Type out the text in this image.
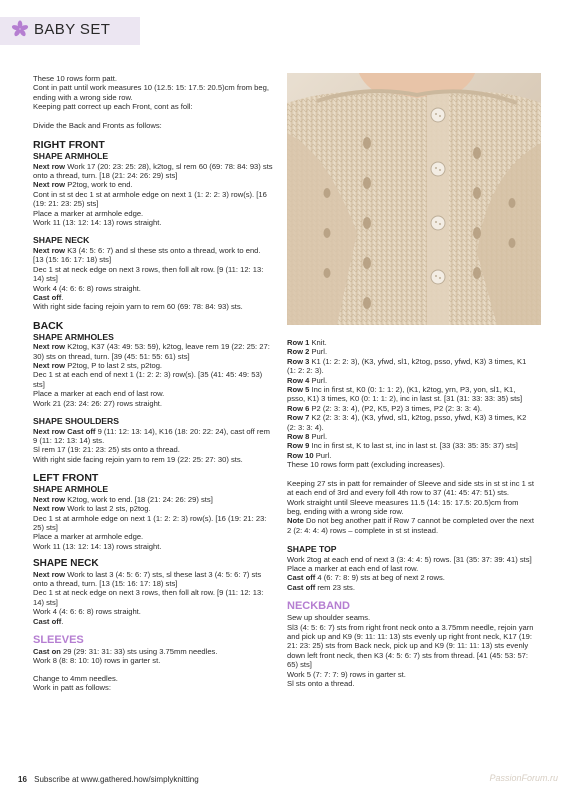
BABY SET
These 10 rows form patt.
Cont in patt until work measures 10 (12.5: 15: 17.5: 20.5)cm from beg, ending with a wrong side row.
Keeping patt correct up each Front, cont as foll:
Divide the Back and Fronts as follows:
RIGHT FRONT
SHAPE ARMHOLE
Next row Work 17 (20: 23: 25: 28), k2tog, sl rem 60 (69: 78: 84: 93) sts onto a thread, turn. [18 (21: 24: 26: 29) sts]
Next row P2tog, work to end.
Cont in st st dec 1 st at armhole edge on next 1 (1: 2: 2: 3) row(s). [16 (19: 21: 23: 25) sts]
Place a marker at armhole edge.
Work 11 (13: 12: 14: 13) rows straight.
SHAPE NECK
Next row K3 (4: 5: 6: 7) and sl these sts onto a thread, work to end. [13 (15: 16: 17: 18) sts]
Dec 1 st at neck edge on next 3 rows, then foll alt row. [9 (11: 12: 13: 14) sts]
Work 4 (4: 6: 6: 8) rows straight.
Cast off.
With right side facing rejoin yarn to rem 60 (69: 78: 84: 93) sts.
BACK
SHAPE ARMHOLES
Next row K2tog, K37 (43: 49: 53: 59), k2tog, leave rem 19 (22: 25: 27: 30) sts on thread, turn. [39 (45: 51: 55: 61) sts]
Next row P2tog, P to last 2 sts, p2tog.
Dec 1 st at each end of next 1 (1: 2: 2: 3) row(s). [35 (41: 45: 49: 53) sts]
Place a marker at each end of last row.
Work 21 (23: 24: 26: 27) rows straight.
SHAPE SHOULDERS
Next row Cast off 9 (11: 12: 13: 14), K16 (18: 20: 22: 24), cast off rem 9 (11: 12: 13: 14) sts.
Sl rem 17 (19: 21: 23: 25) sts onto a thread.
With right side facing rejoin yarn to rem 19 (22: 25: 27: 30) sts.
LEFT FRONT
SHAPE ARMHOLE
Next row K2tog, work to end. [18 (21: 24: 26: 29) sts]
Next row Work to last 2 sts, p2tog.
Dec 1 st at armhole edge on next 1 (1: 2: 2: 3) row(s). [16 (19: 21: 23: 25) sts]
Place a marker at armhole edge.
Work 11 (13: 12: 14: 13) rows straight.
SHAPE NECK
Next row Work to last 3 (4: 5: 6: 7) sts, sl these last 3 (4: 5: 6: 7) sts onto a thread, turn. [13 (15: 16: 17: 18) sts]
Dec 1 st at neck edge on next 3 rows, then foll alt row. [9 (11: 12: 13: 14) sts]
Work 4 (4: 6: 6: 8) rows straight.
Cast off.
SLEEVES
Cast on 29 (29: 31: 31: 33) sts using 3.75mm needles.
Work 8 (8: 8: 10: 10) rows in garter st.
Change to 4mm needles.
Work in patt as follows:
Row 1 Knit.
Row 2 Purl.
Row 3 K1 (1: 2: 2: 3), (K3, yfwd, sl1, k2tog, psso, yfwd, K3) 3 times, K1 (1: 2: 2: 3).
Row 4 Purl.
Row 5 Inc in first st, K0 (0: 1: 1: 2), (K1, k2tog, yrn, P3, yon, sl1, K1, psso, K1) 3 times, K0 (0: 1: 1: 2), inc in last st. [31 (31: 33: 33: 35) sts]
Row 6 P2 (2: 3: 3: 4), (P2, K5, P2) 3 times, P2 (2: 3: 3: 4).
Row 7 K2 (2: 3: 3: 4), (K3, yfwd, sl1, k2tog, psso, yfwd, K3) 3 times, K2 (2: 3: 3: 4).
Row 8 Purl.
Row 9 Inc in first st, K to last st, inc in last st. [33 (33: 35: 35: 37) sts]
Row 10 Purl.
These 10 rows form patt (excluding increases).
Keeping 27 sts in patt for remainder of Sleeve and side sts in st st inc 1 st at each end of 3rd and every foll 4th row to 37 (41: 45: 47: 51) sts.
Work straight until Sleeve measures 11.5 (14: 15: 17.5: 20.5)cm from beg, ending with a wrong side row.
Note Do not beg another patt if Row 7 cannot be completed over the next 2 (2: 4: 4: 4) rows – complete in st st instead.
SHAPE TOP
Work 2tog at each end of next 3 (3: 4: 4: 5) rows. [31 (35: 37: 39: 41) sts]
Place a marker at each end of last row.
Cast off 4 (6: 7: 8: 9) sts at beg of next 2 rows.
Cast off rem 23 sts.
NECKBAND
Sew up shoulder seams.
Sl3 (4: 5: 6: 7) sts from right front neck onto a 3.75mm needle, rejoin yarn and pick up and K9 (9: 11: 11: 13) sts evenly up right front neck, K17 (19: 21: 23: 25) sts from Back neck, pick up and K9 (9: 11: 11: 13) sts evenly down left front neck, then K3 (4: 5: 6: 7) sts from thread. [41 (45: 53: 57: 65) sts]
Work 5 (7: 7: 7: 9) rows in garter st.
Sl sts onto a thread.
16 Subscribe at www.gathered.how/simplyknitting	PassionForum.ru
